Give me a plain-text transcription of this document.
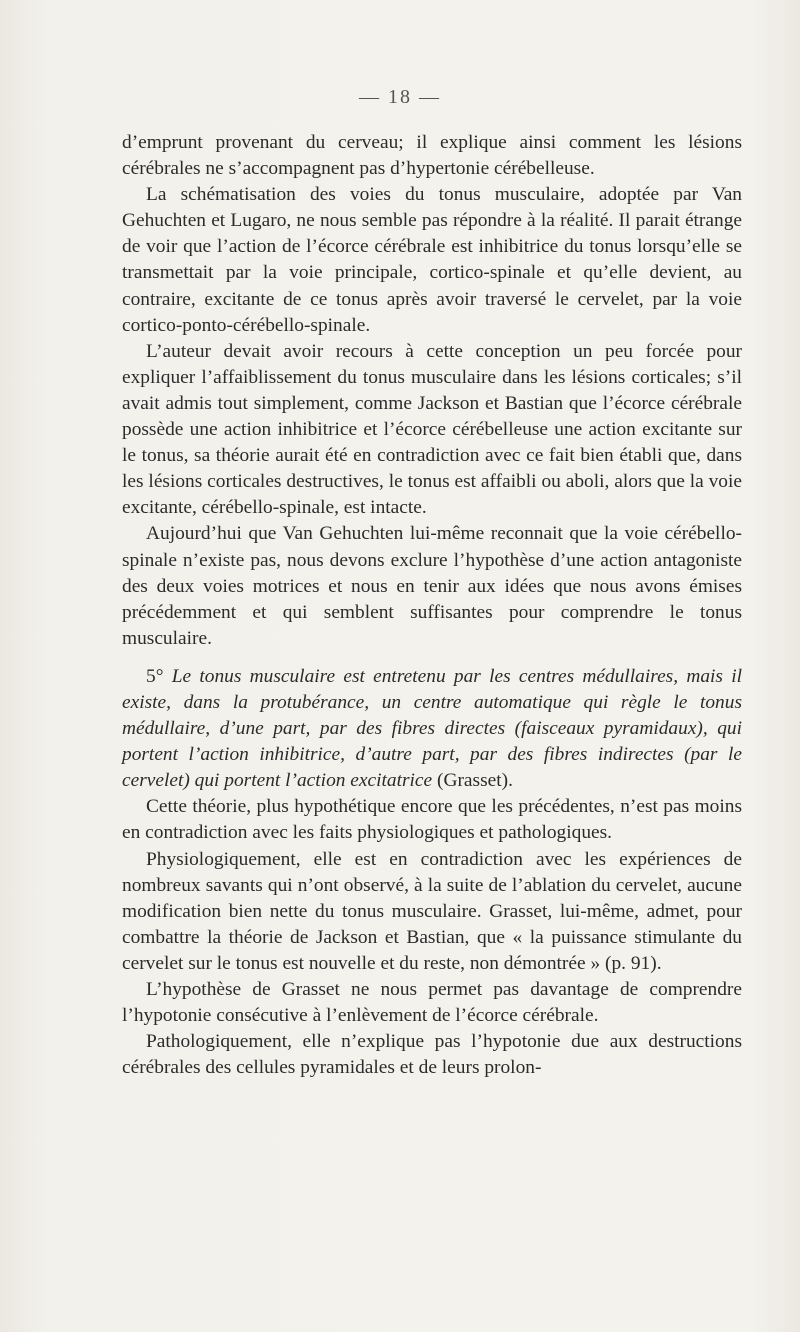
— 18 —

d’emprunt provenant du cerveau; il explique ainsi comment les lésions cérébrales ne s’accompagnent pas d’hypertonie cérébelleuse.

La schématisation des voies du tonus musculaire, adoptée par Van Gehuchten et Lugaro, ne nous semble pas répondre à la réalité. Il parait étrange de voir que l’action de l’écorce cérébrale est inhibitrice du tonus lorsqu’elle se transmettait par la voie principale, cortico-spinale et qu’elle devient, au contraire, excitante de ce tonus après avoir traversé le cervelet, par la voie cortico-ponto-cérébello-spinale.

L’auteur devait avoir recours à cette conception un peu forcée pour expliquer l’affaiblissement du tonus musculaire dans les lésions corticales; s’il avait admis tout simplement, comme Jackson et Bastian que l’écorce cérébrale possède une action inhibitrice et l’écorce cérébelleuse une action excitante sur le tonus, sa théorie aurait été en contradiction avec ce fait bien établi que, dans les lésions corticales destructives, le tonus est affaibli ou aboli, alors que la voie excitante, cérébello-spinale, est intacte.

Aujourd’hui que Van Gehuchten lui-même reconnait que la voie cérébello-spinale n’existe pas, nous devons exclure l’hypothèse d’une action antagoniste des deux voies motrices et nous en tenir aux idées que nous avons émises précédemment et qui semblent suffisantes pour comprendre le tonus musculaire.

5° Le tonus musculaire est entretenu par les centres médullaires, mais il existe, dans la protubérance, un centre automatique qui règle le tonus médullaire, d’une part, par des fibres directes (faisceaux pyramidaux), qui portent l’action inhibitrice, d’autre part, par des fibres indirectes (par le cervelet) qui portent l’action excitatrice (Grasset).

Cette théorie, plus hypothétique encore que les précédentes, n’est pas moins en contradiction avec les faits physiologiques et pathologiques.

Physiologiquement, elle est en contradiction avec les expériences de nombreux savants qui n’ont observé, à la suite de l’ablation du cervelet, aucune modification bien nette du tonus musculaire. Grasset, lui-même, admet, pour combattre la théorie de Jackson et Bastian, que « la puissance stimulante du cervelet sur le tonus est nouvelle et du reste, non démontrée » (p. 91).

L’hypothèse de Grasset ne nous permet pas davantage de comprendre l’hypotonie consécutive à l’enlèvement de l’écorce cérébrale.

Pathologiquement, elle n’explique pas l’hypotonie due aux destructions cérébrales des cellules pyramidales et de leurs prolon-
